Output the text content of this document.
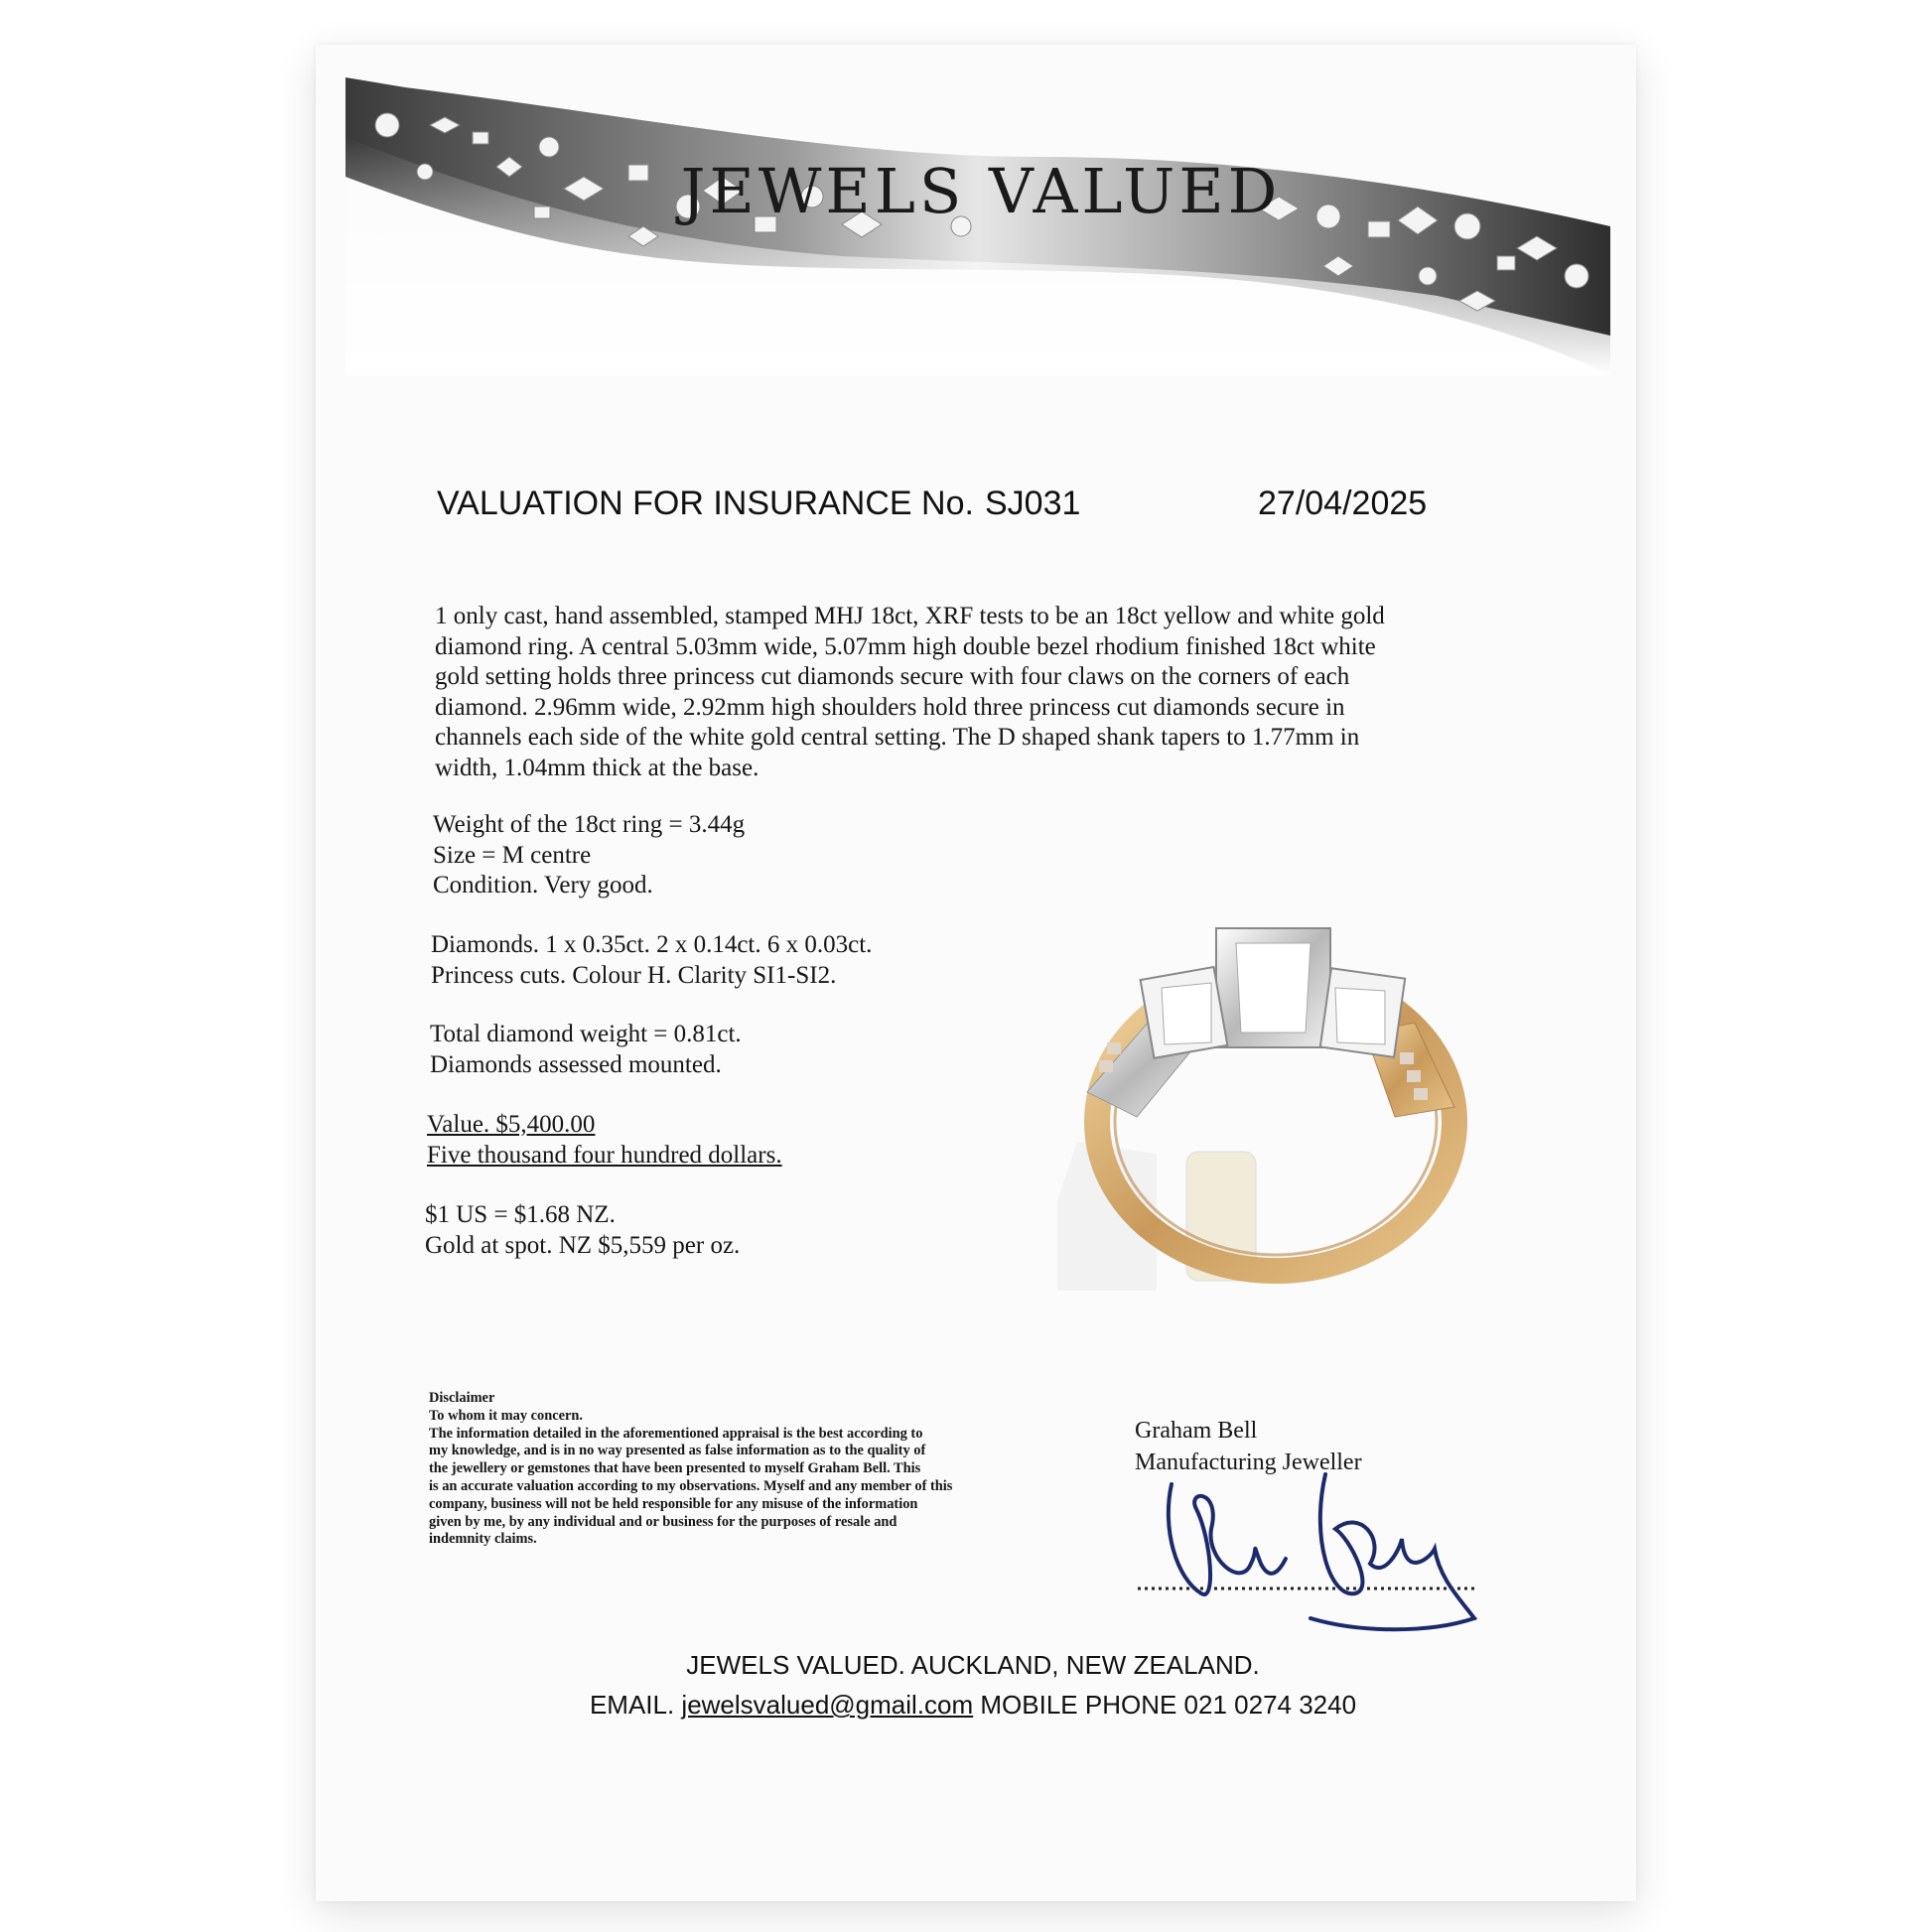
JEWELS VALUED
VALUATION FOR INSURANCE No. SJ031	27/04/2025
1 only cast, hand assembled, stamped MHJ 18ct, XRF tests to be an 18ct yellow and white gold
diamond ring. A central 5.03mm wide, 5.07mm high double bezel rhodium finished 18ct white
gold setting holds three princess cut diamonds secure with four claws on the corners of each
diamond. 2.96mm wide, 2.92mm high shoulders hold three princess cut diamonds secure in
channels each side of the white gold central setting. The D shaped shank tapers to 1.77mm in
width, 1.04mm thick at the base.
Weight of the 18ct ring = 3.44g
Size = M centre
Condition. Very good.
Diamonds. 1 x 0.35ct. 2 x 0.14ct. 6 x 0.03ct.
Princess cuts. Colour H. Clarity SI1-SI2.
Total diamond weight = 0.81ct.
Diamonds assessed mounted.
Value. $5,400.00
Five thousand four hundred dollars.
$1 US = $1.68 NZ.
Gold at spot. NZ $5,559 per oz.
Disclaimer
To whom it may concern.
The information detailed in the aforementioned appraisal is the best according to
my knowledge, and is in no way presented as false information as to the quality of
the jewellery or gemstones that have been presented to myself Graham Bell. This
is an accurate valuation according to my observations. Myself and any member of this
company, business will not be held responsible for any misuse of the information
given by me, by any individual and or business for the purposes of resale and
indemnity claims.
Graham Bell
Manufacturing Jeweller
JEWELS VALUED. AUCKLAND, NEW ZEALAND.
EMAIL. jewelsvalued@gmail.com MOBILE PHONE 021 0274 3240
